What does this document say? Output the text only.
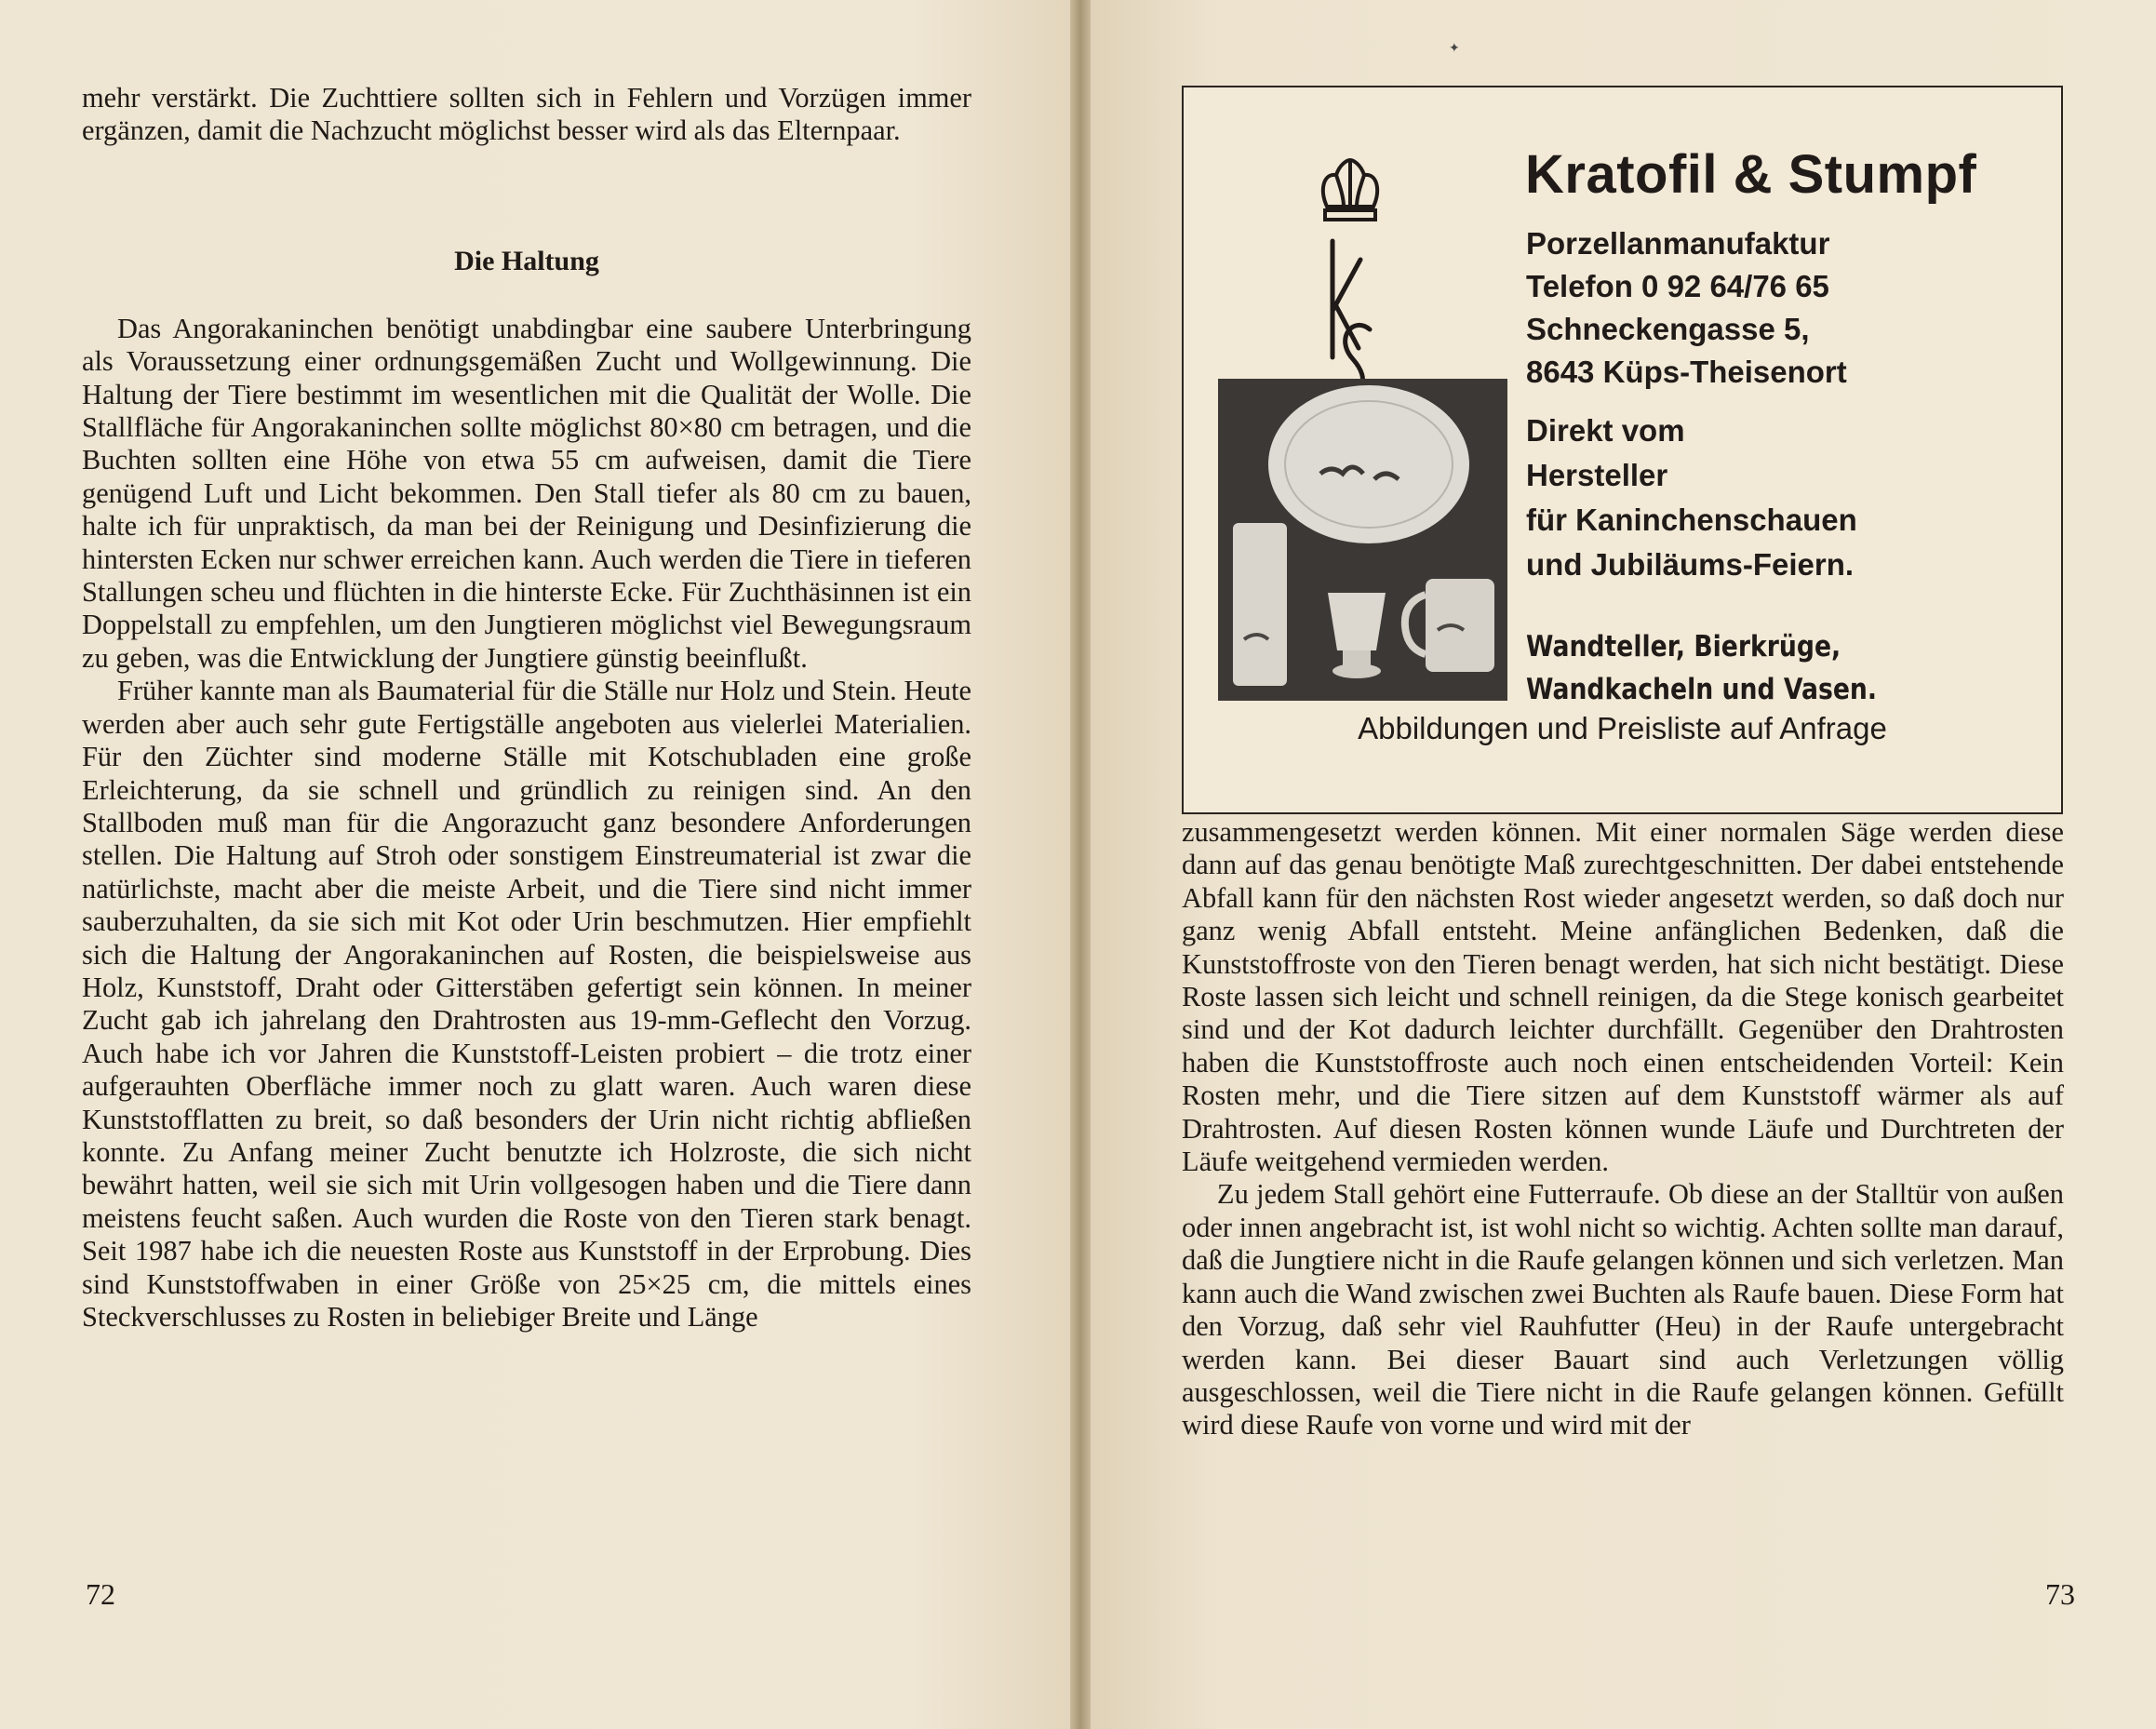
mehr verstärkt. Die Zuchttiere sollten sich in Fehlern und Vorzügen immer ergänzen, damit die Nachzucht möglichst besser wird als das Elternpaar.

Die Haltung

Das Angorakaninchen benötigt unabdingbar eine saubere Unterbringung als Voraussetzung einer ordnungsgemäßen Zucht und Wollgewinnung. Die Haltung der Tiere bestimmt im wesentlichen mit die Qualität der Wolle. Die Stallfläche für Angorakaninchen sollte möglichst 80×80 cm betragen, und die Buchten sollten eine Höhe von etwa 55 cm aufweisen, damit die Tiere genügend Luft und Licht bekommen. Den Stall tiefer als 80 cm zu bauen, halte ich für unpraktisch, da man bei der Reinigung und Desinfizierung die hintersten Ecken nur schwer erreichen kann. Auch werden die Tiere in tieferen Stallungen scheu und flüchten in die hinterste Ecke. Für Zuchthäsinnen ist ein Doppelstall zu empfehlen, um den Jungtieren möglichst viel Bewegungsraum zu geben, was die Entwicklung der Jungtiere günstig beeinflußt.

Früher kannte man als Baumaterial für die Ställe nur Holz und Stein. Heute werden aber auch sehr gute Fertigställe angeboten aus vielerlei Materialien. Für den Züchter sind moderne Ställe mit Kotschubladen eine große Erleichterung, da sie schnell und gründlich zu reinigen sind. An den Stallboden muß man für die Angorazucht ganz besondere Anforderungen stellen. Die Haltung auf Stroh oder sonstigem Einstreumaterial ist zwar die natürlichste, macht aber die meiste Arbeit, und die Tiere sind nicht immer sauberzuhalten, da sie sich mit Kot oder Urin beschmutzen. Hier empfiehlt sich die Haltung der Angorakaninchen auf Rosten, die beispielsweise aus Holz, Kunststoff, Draht oder Gitterstäben gefertigt sein können. In meiner Zucht gab ich jahrelang den Drahtrosten aus 19-mm-Geflecht den Vorzug. Auch habe ich vor Jahren die Kunststoff-Leisten probiert – die trotz einer aufgerauhten Oberfläche immer noch zu glatt waren. Auch waren diese Kunststofflatten zu breit, so daß besonders der Urin nicht richtig abfließen konnte. Zu Anfang meiner Zucht benutzte ich Holzroste, die sich nicht bewährt hatten, weil sie sich mit Urin vollgesogen haben und die Tiere dann meistens feucht saßen. Auch wurden die Roste von den Tieren stark benagt. Seit 1987 habe ich die neuesten Roste aus Kunststoff in der Erprobung. Dies sind Kunststoffwaben in einer Größe von 25×25 cm, die mittels eines Steckverschlusses zu Rosten in beliebiger Breite und Länge

72
Kratofil & Stumpf
Porzellanmanufaktur
Telefon 0 92 64/76 65
Schneckengasse 5,
8643 Küps-Theisenort
Direkt vom
Hersteller
für Kaninchenschauen
und Jubiläums-Feiern.
Wandteller, Bierkrüge,
Wandkacheln und Vasen.
Abbildungen und Preisliste auf Anfrage

zusammengesetzt werden können. Mit einer normalen Säge werden diese dann auf das genau benötigte Maß zurechtgeschnitten. Der dabei entstehende Abfall kann für den nächsten Rost wieder angesetzt werden, so daß doch nur ganz wenig Abfall entsteht. Meine anfänglichen Bedenken, daß die Kunststoffroste von den Tieren benagt werden, hat sich nicht bestätigt. Diese Roste lassen sich leicht und schnell reinigen, da die Stege konisch gearbeitet sind und der Kot dadurch leichter durchfällt. Gegenüber den Drahtrosten haben die Kunststoffroste auch noch einen entscheidenden Vorteil: Kein Rosten mehr, und die Tiere sitzen auf dem Kunststoff wärmer als auf Drahtrosten. Auf diesen Rosten können wunde Läufe und Durchtreten der Läufe weitgehend vermieden werden.

Zu jedem Stall gehört eine Futterraufe. Ob diese an der Stalltür von außen oder innen angebracht ist, ist wohl nicht so wichtig. Achten sollte man darauf, daß die Jungtiere nicht in die Raufe gelangen können und sich verletzen. Man kann auch die Wand zwischen zwei Buchten als Raufe bauen. Diese Form hat den Vorzug, daß sehr viel Rauhfutter (Heu) in der Raufe untergebracht werden kann. Bei dieser Bauart sind auch Verletzungen völlig ausgeschlossen, weil die Tiere nicht in die Raufe gelangen können. Gefüllt wird diese Raufe von vorne und wird mit der

73
✦
